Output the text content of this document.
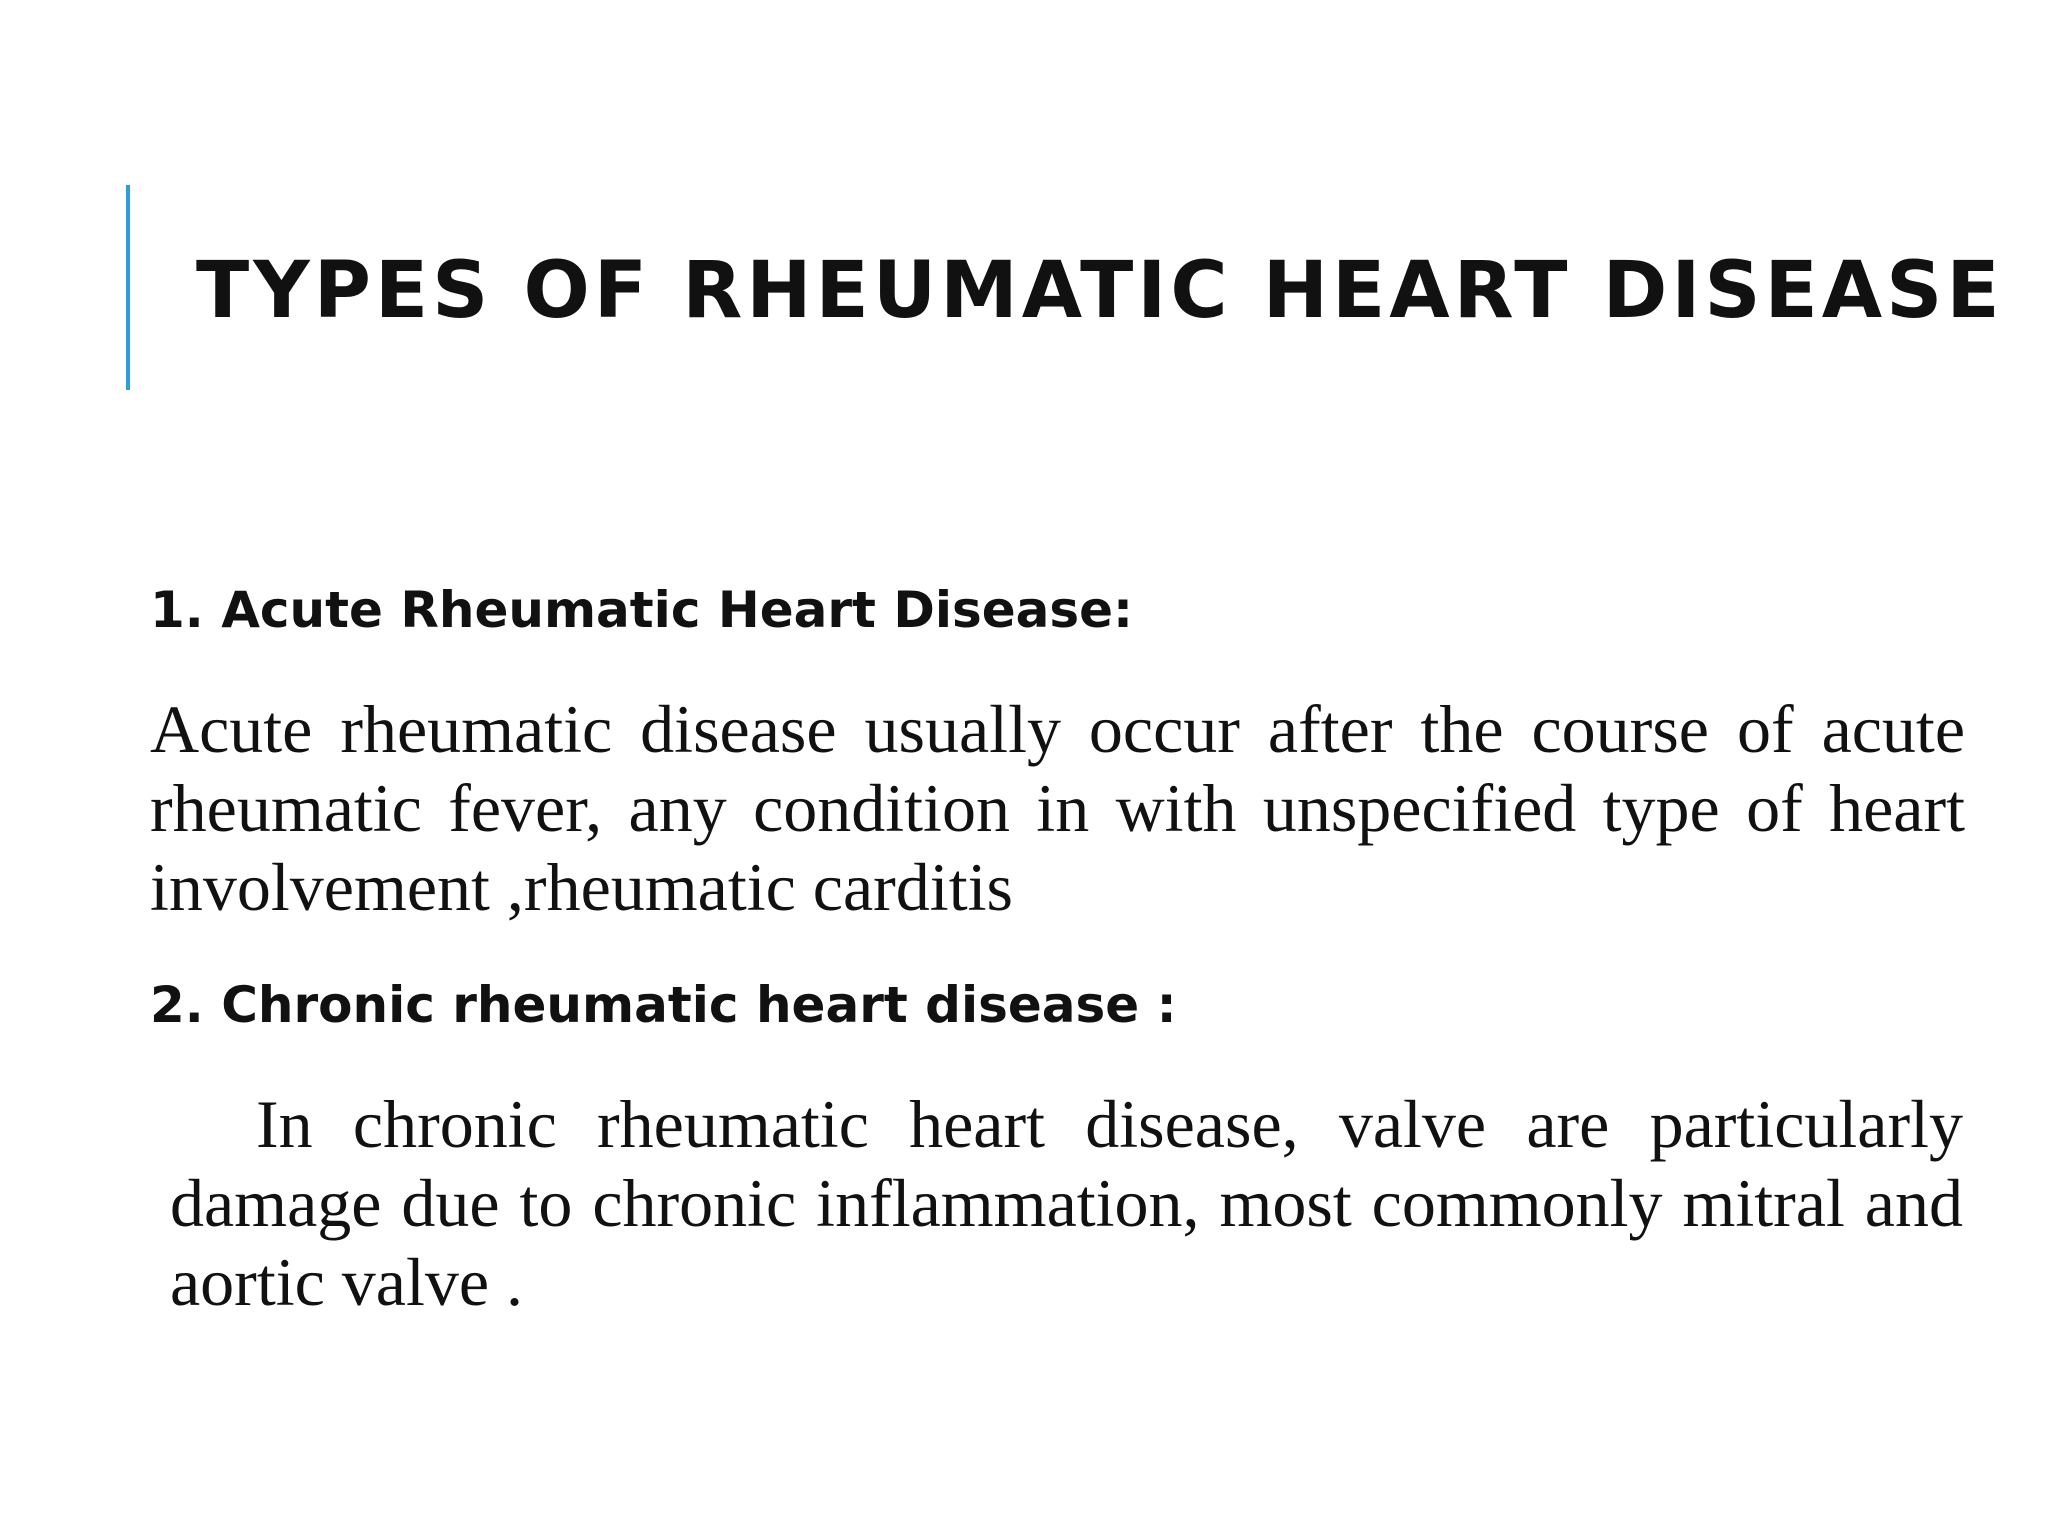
TYPES OF RHEUMATIC HEART DISEASE
1. Acute Rheumatic Heart Disease:

Acute rheumatic disease usually occur after the course of acute rheumatic fever, any condition in with unspecified type of heart involvement ,rheumatic carditis

2. Chronic rheumatic heart disease :

In chronic rheumatic heart disease, valve are particularly damage due to chronic inflammation, most commonly mitral and aortic valve .
